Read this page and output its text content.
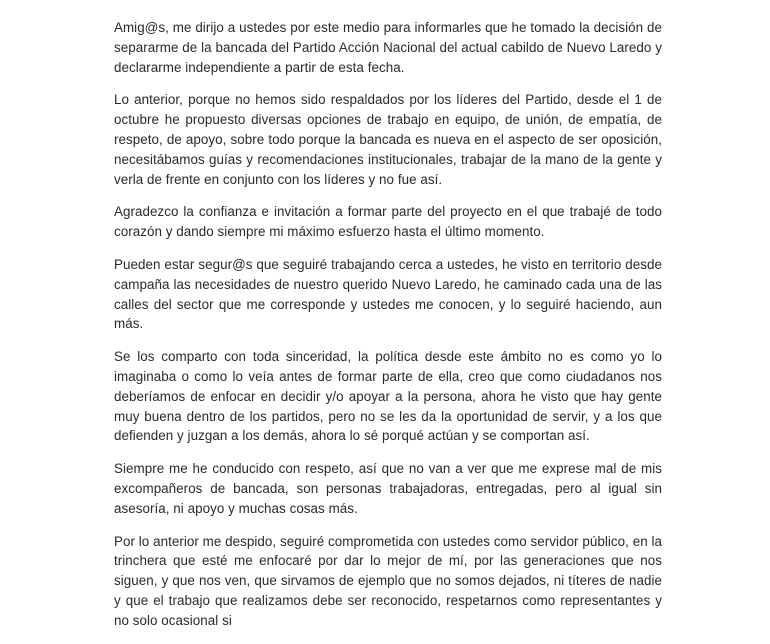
Amig@s, me dirijo a ustedes por este medio para informarles que he tomado la decisión de separarme de la bancada del Partido Acción Nacional del actual cabildo de Nuevo Laredo y declararme independiente a partir de esta fecha.

Lo anterior, porque no hemos sido respaldados por los líderes del Partido, desde el 1 de octubre he propuesto diversas opciones de trabajo en equipo, de unión, de empatía, de respeto, de apoyo, sobre todo porque la bancada es nueva en el aspecto de ser oposición, necesitábamos guías y recomendaciones institucionales, trabajar de la mano de la gente y verla de frente en conjunto con los líderes y no fue así.

Agradezco la confianza e invitación a formar parte del proyecto en el que trabajé de todo corazón y dando siempre mi máximo esfuerzo hasta el último momento.

Pueden estar segur@s que seguiré trabajando cerca a ustedes, he visto en territorio desde campaña las necesidades de nuestro querido Nuevo Laredo, he caminado cada una de las calles del sector que me corresponde y ustedes me conocen, y lo seguiré haciendo, aun más.

Se los comparto con toda sinceridad, la política desde este ámbito no es como yo lo imaginaba o como lo veía antes de formar parte de ella, creo que como ciudadanos nos deberíamos de enfocar en decidir y/o apoyar a la persona, ahora he visto que hay gente muy buena dentro de los partidos, pero no se les da la oportunidad de servir, y a los que defienden y juzgan a los demás, ahora lo sé porqué actúan y se comportan así.

Siempre me he conducido con respeto, así que no van a ver que me exprese mal de mis excompañeros de bancada, son personas trabajadoras, entregadas, pero al igual sin asesoría, ni apoyo y muchas cosas más.

Por lo anterior me despido, seguiré comprometida con ustedes como servidor público, en la trinchera que esté me enfocaré por dar lo mejor de mí, por las generaciones que nos siguen, y que nos ven, que sirvamos de ejemplo que no somos dejados, ni títeres de nadie y que el trabajo que realizamos debe ser reconocido, respetarnos como representantes y no solo ocasional si
